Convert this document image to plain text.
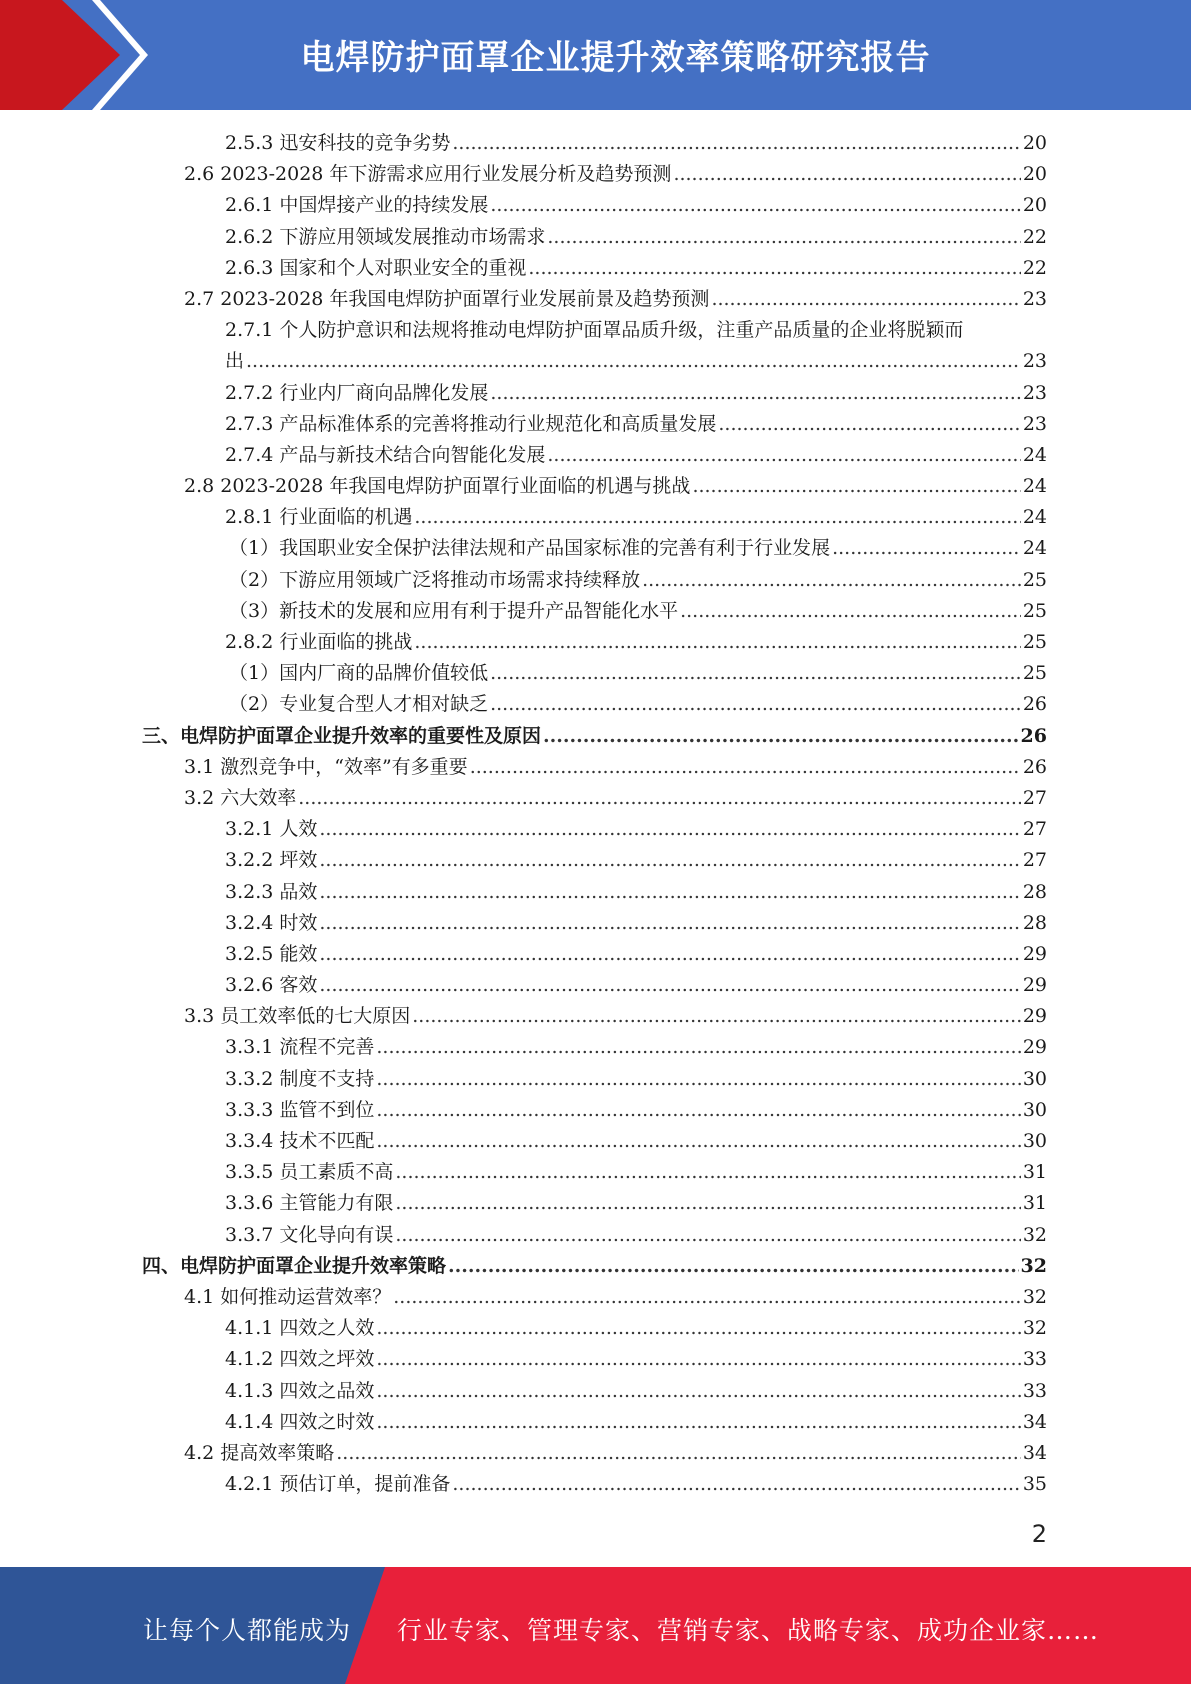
电焊防护面罩企业提升效率策略研究报告
2.5.3 迅安科技的竞争劣势 .....	20
2.6 2023-2028 年下游需求应用行业发展分析及趋势预测 .....	20
2.6.1 中国焊接产业的持续发展 .....	20
2.6.2 下游应用领域发展推动市场需求 .....	22
2.6.3 国家和个人对职业安全的重视 .....	22
2.7 2023-2028 年我国电焊防护面罩行业发展前景及趋势预测 .....	23
2.7.1 个人防护意识和法规将推动电焊防护面罩品质升级，注重产品质量的企业将脱颖而
出 .....	23
2.7.2 行业内厂商向品牌化发展 .....	23
2.7.3 产品标准体系的完善将推动行业规范化和高质量发展 .....	23
2.7.4 产品与新技术结合向智能化发展 .....	24
2.8 2023-2028 年我国电焊防护面罩行业面临的机遇与挑战 .....	24
2.8.1 行业面临的机遇 .....	24
（1）我国职业安全保护法律法规和产品国家标准的完善有利于行业发展 .....	24
（2）下游应用领域广泛将推动市场需求持续释放 .....	25
（3）新技术的发展和应用有利于提升产品智能化水平 .....	25
2.8.2 行业面临的挑战 .....	25
（1）国内厂商的品牌价值较低 .....	25
（2）专业复合型人才相对缺乏 .....	26
三、电焊防护面罩企业提升效率的重要性及原因 .....	26
3.1 激烈竞争中，“效率”有多重要 .....	26
3.2 六大效率 .....	27
3.2.1 人效 .....	27
3.2.2 坪效 .....	27
3.2.3 品效 .....	28
3.2.4 时效 .....	28
3.2.5 能效 .....	29
3.2.6 客效 .....	29
3.3 员工效率低的七大原因 .....	29
3.3.1 流程不完善 .....	29
3.3.2 制度不支持 .....	30
3.3.3 监管不到位 .....	30
3.3.4 技术不匹配 .....	30
3.3.5 员工素质不高 .....	31
3.3.6 主管能力有限 .....	31
3.3.7 文化导向有误 .....	32
四、电焊防护面罩企业提升效率策略 .....	32
4.1 如何推动运营效率？ .....	32
4.1.1 四效之人效 .....	32
4.1.2 四效之坪效 .....	33
4.1.3 四效之品效 .....	33
4.1.4 四效之时效 .....	34
4.2 提高效率策略 .....	34
4.2.1 预估订单，提前准备 .....	35
2
让每个人都能成为 行业专家、管理专家、营销专家、战略专家、成功企业家……
